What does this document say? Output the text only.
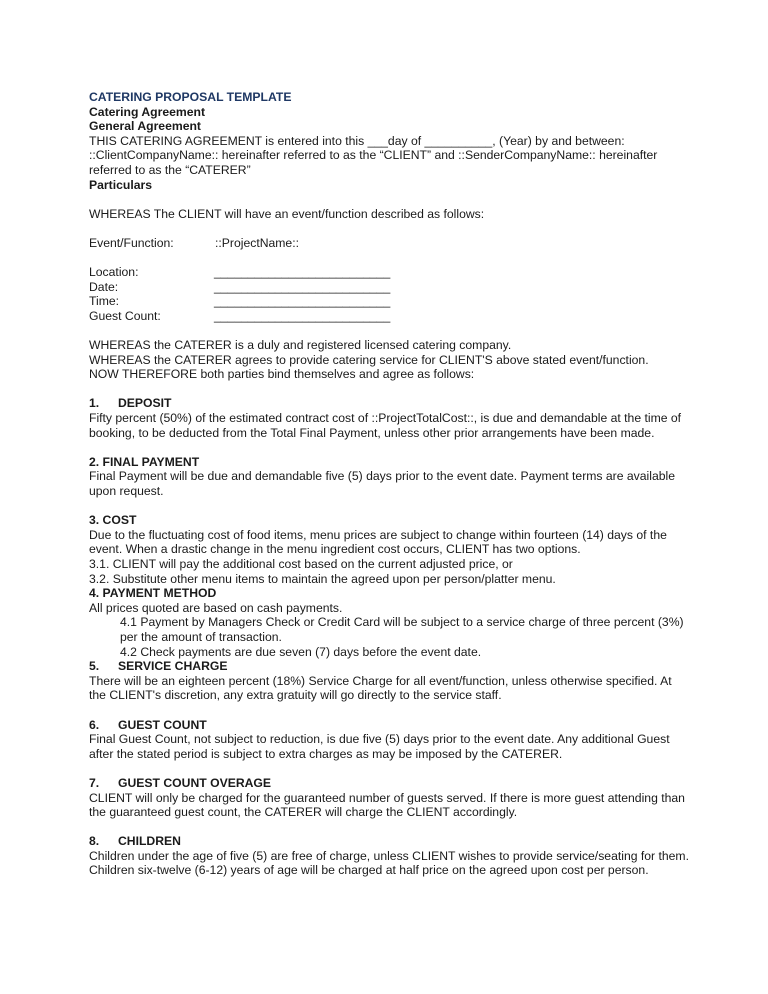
CATERING PROPOSAL TEMPLATE

Catering Agreement

General Agreement

THIS CATERING AGREEMENT is entered into this ___day of __________, (Year) by and between: ::ClientCompanyName:: hereinafter referred to as the “CLIENT” and ::SenderCompanyName:: hereinafter referred to as the “CATERER”

Particulars

WHEREAS The CLIENT will have an event/function described as follows:

Event/Function:	::ProjectName::
Location:	__________________________
Date:	__________________________
Time:	__________________________
Guest Count:	__________________________

WHEREAS the CATERER is a duly and registered licensed catering company.

WHEREAS the CATERER agrees to provide catering service for CLIENT'S above stated event/function.

NOW THEREFORE both parties bind themselves and agree as follows:

1. DEPOSIT

Fifty percent (50%) of the estimated contract cost of ::ProjectTotalCost::, is due and demandable at the time of booking, to be deducted from the Total Final Payment, unless other prior arrangements have been made.

2. FINAL PAYMENT

Final Payment will be due and demandable five (5) days prior to the event date. Payment terms are available upon request.

3. COST

Due to the fluctuating cost of food items, menu prices are subject to change within fourteen (14) days of the event. When a drastic change in the menu ingredient cost occurs, CLIENT has two options.

3.1. CLIENT will pay the additional cost based on the current adjusted price, or

3.2. Substitute other menu items to maintain the agreed upon per person/platter menu.

4. PAYMENT METHOD

All prices quoted are based on cash payments.

4.1 Payment by Managers Check or Credit Card will be subject to a service charge of three percent (3%) per the amount of transaction.

4.2 Check payments are due seven (7) days before the event date.

5. SERVICE CHARGE

There will be an eighteen percent (18%) Service Charge for all event/function, unless otherwise specified. At the CLIENT's discretion, any extra gratuity will go directly to the service staff.

6. GUEST COUNT

Final Guest Count, not subject to reduction, is due five (5) days prior to the event date. Any additional Guest after the stated period is subject to extra charges as may be imposed by the CATERER.

7. GUEST COUNT OVERAGE

CLIENT will only be charged for the guaranteed number of guests served. If there is more guest attending than the guaranteed guest count, the CATERER will charge the CLIENT accordingly.

8. CHILDREN

Children under the age of five (5) are free of charge, unless CLIENT wishes to provide service/seating for them. Children six-twelve (6-12) years of age will be charged at half price on the agreed upon cost per person.
